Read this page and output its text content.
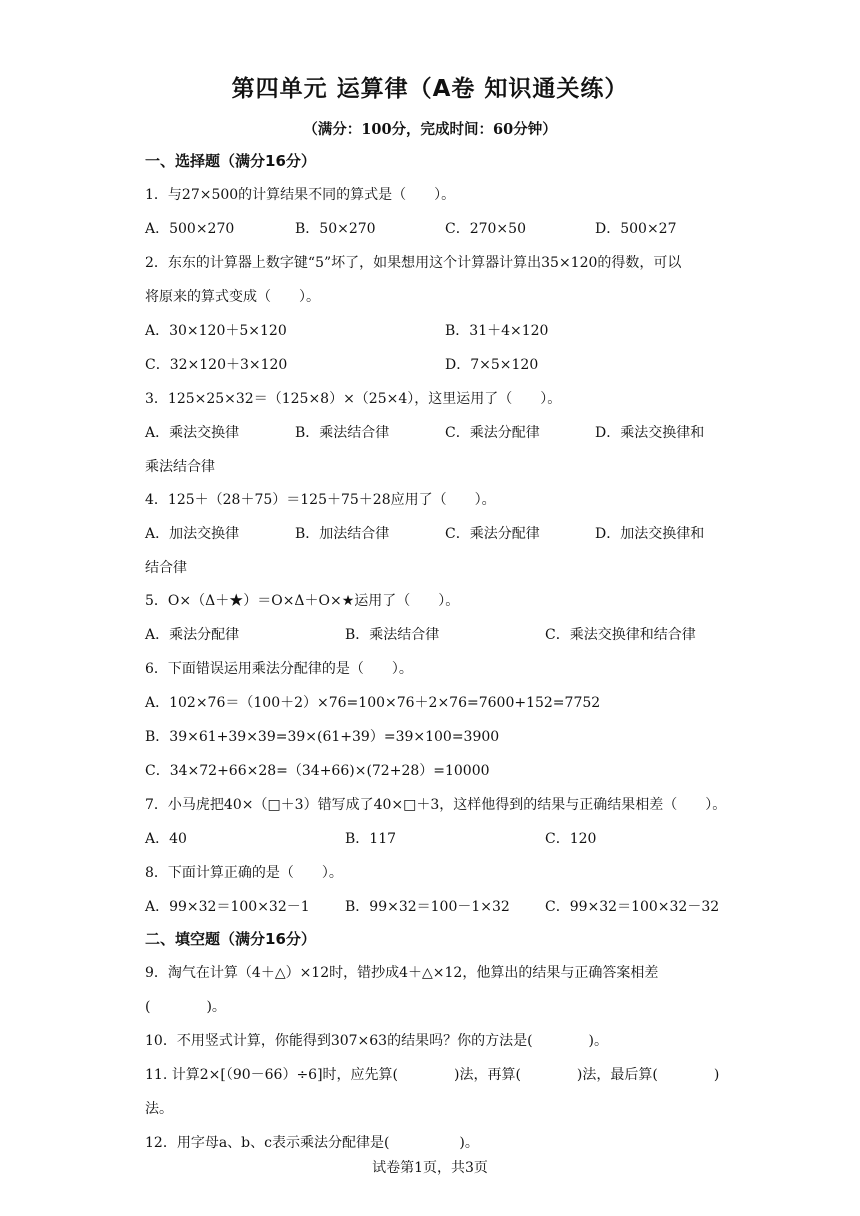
第四单元 运算律（A卷 知识通关练）
（满分：100分，完成时间：60分钟）
一、选择题（满分16分）
1．与27×500的计算结果不同的算式是（　　）。
A．500×270	B．50×270	C．270×50	D．500×27
2．东东的计算器上数字键“5”坏了，如果想用这个计算器计算出35×120的得数，可以
将原来的算式变成（　　）。
A．30×120＋5×120	B．31＋4×120
C．32×120＋3×120	D．7×5×120
3．125×25×32＝（125×8）×（25×4），这里运用了（　　）。
A．乘法交换律	B．乘法结合律	C．乘法分配律	D．乘法交换律和
乘法结合律
4．125＋（28＋75）＝125＋75＋28应用了（　　）。
A．加法交换律	B．加法结合律	C．乘法分配律	D．加法交换律和
结合律
5．O×（Δ＋★）＝O×Δ＋O×★运用了（　　）。
A．乘法分配律	B．乘法结合律	C．乘法交换律和结合律
6．下面错误运用乘法分配律的是（　　）。
A．102×76＝（100＋2）×76=100×76＋2×76=7600+152=7752
B．39×61+39×39=39×(61+39）=39×100=3900
C．34×72+66×28=（34+66)×(72+28）=10000
7．小马虎把40×（□＋3）错写成了40×□＋3，这样他得到的结果与正确结果相差（　　）。
A．40	B．117	C．120
8．下面计算正确的是（　　）。
A．99×32＝100×32－1	B．99×32＝100－1×32	C．99×32＝100×32－32
二、填空题（满分16分）
9．淘气在计算（4＋△）×12时，错抄成4＋△×12，他算出的结果与正确答案相差
(　　　　)。
10．不用竖式计算，你能得到307×63的结果吗？你的方法是(　　　　)。
11. 计算2×[（90－66）÷6]时，应先算(　　　　)法，再算(　　　　)法，最后算(　　　　)
法。
12．用字母a、b、c表示乘法分配律是(　　　　　)。
试卷第1页，共3页
